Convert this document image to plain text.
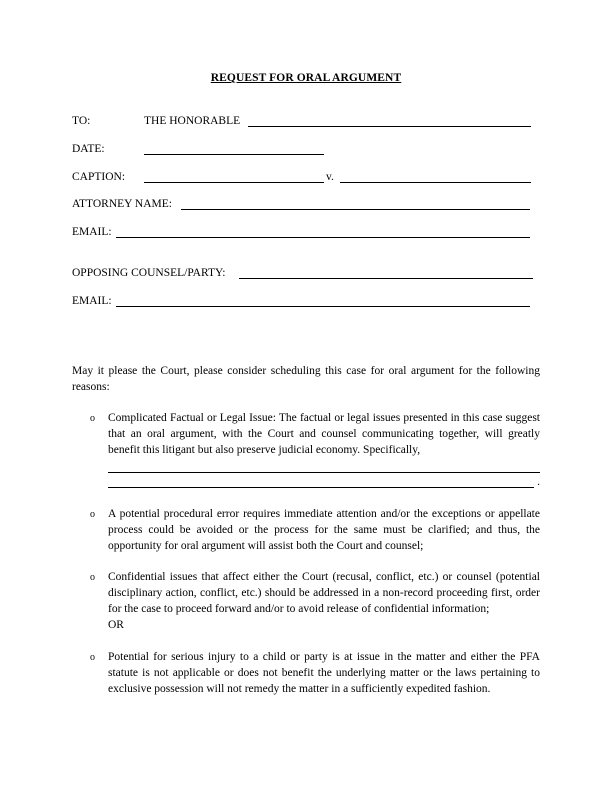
REQUEST FOR ORAL ARGUMENT
TO:	THE HONORABLE
DATE:
CAPTION:	v.
ATTORNEY NAME:
EMAIL:
OPPOSING COUNSEL/PARTY:
EMAIL:
May it please the Court, please consider scheduling this case for oral argument for the following reasons:
o Complicated Factual or Legal Issue: The factual or legal issues presented in this case suggest that an oral argument, with the Court and counsel communicating together, will greatly benefit this litigant but also preserve judicial economy. Specifically,
.
o A potential procedural error requires immediate attention and/or the exceptions or appellate process could be avoided or the process for the same must be clarified; and thus, the opportunity for oral argument will assist both the Court and counsel;
o Confidential issues that affect either the Court (recusal, conflict, etc.) or counsel (potential disciplinary action, conflict, etc.) should be addressed in a non-record proceeding first, order for the case to proceed forward and/or to avoid release of confidential information;
OR
o Potential for serious injury to a child or party is at issue in the matter and either the PFA statute is not applicable or does not benefit the underlying matter or the laws pertaining to exclusive possession will not remedy the matter in a sufficiently expedited fashion.
